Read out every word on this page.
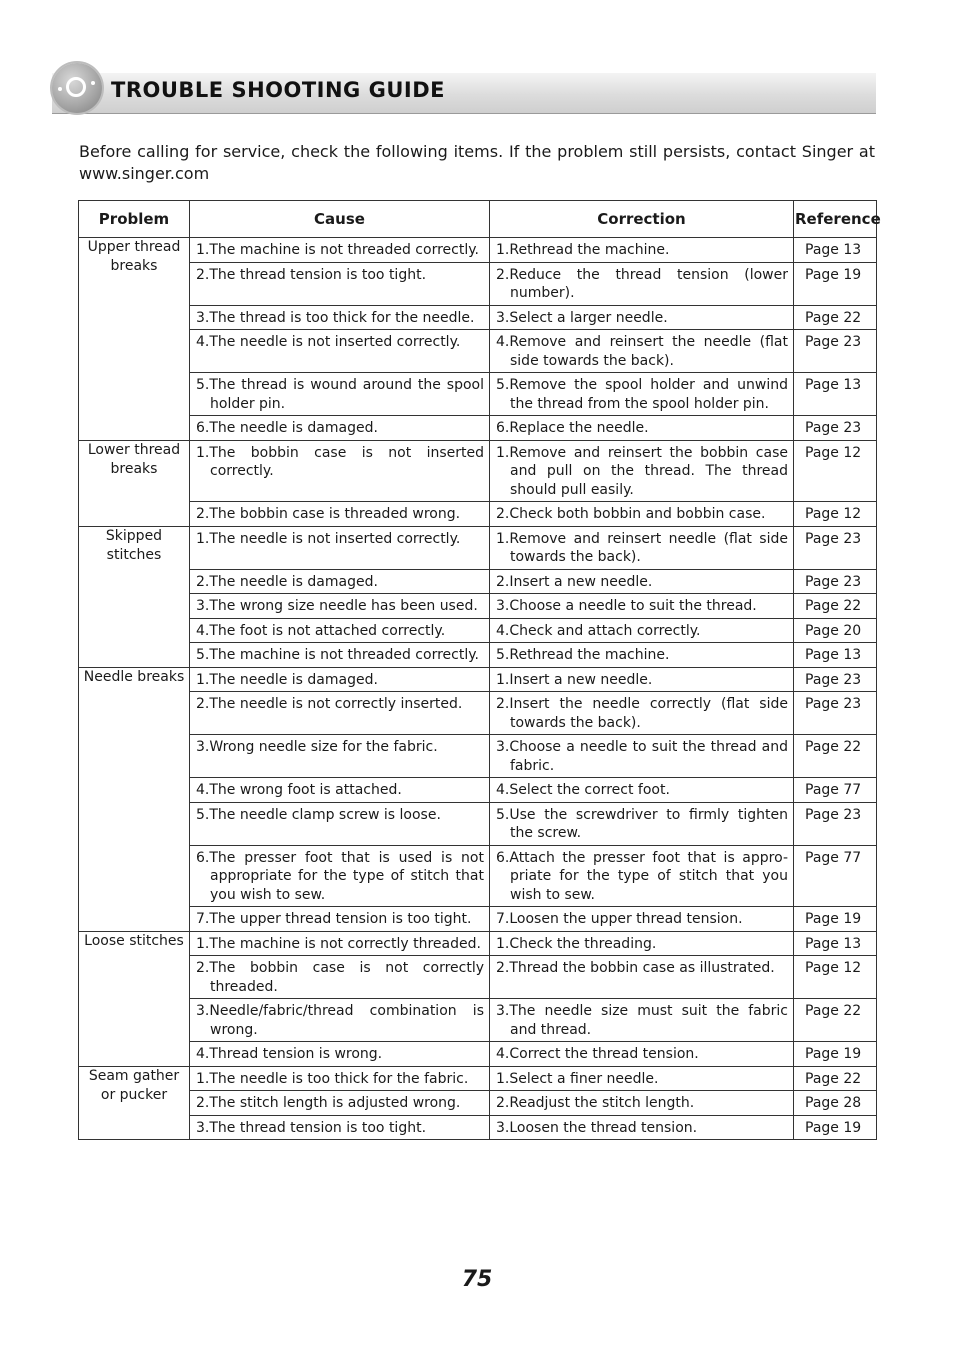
TROUBLE SHOOTING GUIDE
Before calling for service, check the following items. If the problem still persists, contact Singer at www.singer.com
Problem	Cause	Correction	Reference
Upper thread breaks	1.The machine is not threaded correctly.	1.Rethread the machine.	Page 13

	2.The thread tension is too tight.	2.Reduce the thread tension (lower number).	Page 19

	3.The thread is too thick for the needle.	3.Select a larger needle.	Page 22

	4.The needle is not inserted correctly.	4.Remove and reinsert the needle (flat side towards the back).	Page 23

	5.The thread is wound around the spool holder pin.	5.Remove the spool holder and unwind the thread from the spool holder pin.	Page 13

	6.The needle is damaged.	6.Replace the needle.	Page 23
Lower thread breaks	1.The bobbin case is not inserted correctly.	1.Remove and reinsert the bobbin case and pull on the thread. The thread should pull easily.	Page 12

	2.The bobbin case is threaded wrong.	2.Check both bobbin and bobbin case.	Page 12
Skipped stitches	1.The needle is not inserted correctly.	1.Remove and reinsert needle (flat side towards the back).	Page 23

	2.The needle is damaged.	2.Insert a new needle.	Page 23

	3.The wrong size needle has been used.	3.Choose a needle to suit the thread.	Page 22

	4.The foot is not attached correctly.	4.Check and attach correctly.	Page 20

	5.The machine is not threaded correctly.	5.Rethread the machine.	Page 13
Needle breaks	1.The needle is damaged.	1.Insert a new needle.	Page 23

	2.The needle is not correctly inserted.	2.Insert the needle correctly (flat side towards the back).	Page 23

	3.Wrong needle size for the fabric.	3.Choose a needle to suit the thread and fabric.	Page 22

	4.The wrong foot is attached.	4.Select the correct foot.	Page 77

	5.The needle clamp screw is loose.	5.Use the screwdriver to firmly tighten the screw.	Page 23

	6.The presser foot that is used is not appropriate for the type of stitch that you wish to sew.	6.Attach the presser foot that is appro-priate for the type of stitch that you wish to sew.	Page 77

	7.The upper thread tension is too tight.	7.Loosen the upper thread tension.	Page 19
Loose stitches	1.The machine is not correctly threaded.	1.Check the threading.	Page 13

	2.The bobbin case is not correctly threaded.	2.Thread the bobbin case as illustrated.	Page 12

	3.Needle/fabric/thread combination is wrong.	3.The needle size must suit the fabric and thread.	Page 22

	4.Thread tension is wrong.	4.Correct the thread tension.	Page 19
Seam gather or pucker	1.The needle is too thick for the fabric.	1.Select a finer needle.	Page 22

	2.The stitch length is adjusted wrong.	2.Readjust the stitch length.	Page 28

	3.The thread tension is too tight.	3.Loosen the thread tension.	Page 19
75
